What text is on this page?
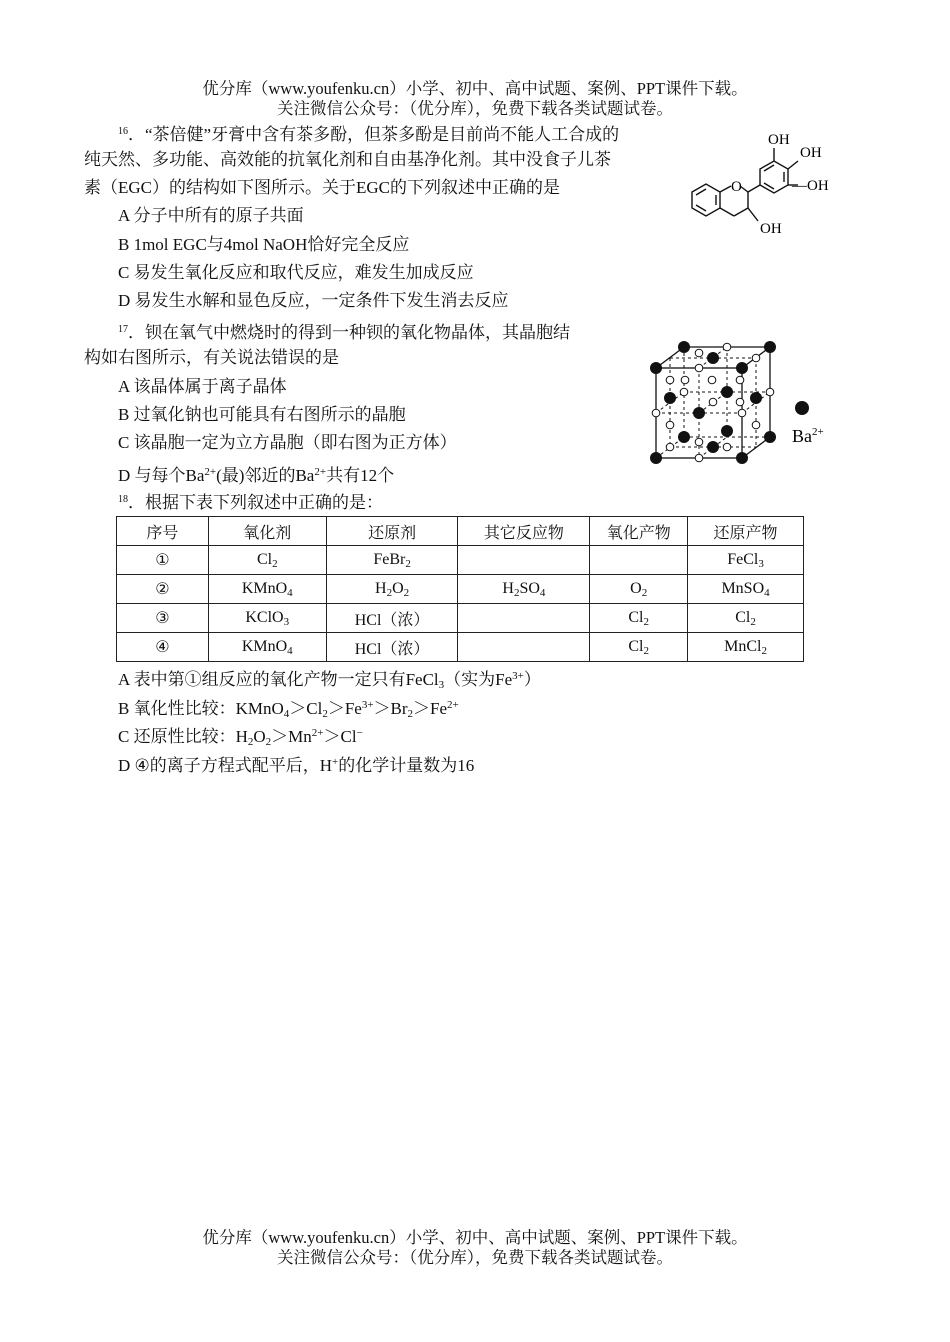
优分库（www.youfenku.cn）小学、初中、高中试题、案例、PPT课件下载。
关注微信公众号：（优分库），免费下载各类试题试卷。
$^{16}$．“茶倍健”牙膏中含有茶多酚，但茶多酚是目前尚不能人工合成的
纯天然、多功能、高效能的抗氧化剂和自由基净化剂。其中没食子儿茶
素（EGC）的结构如下图所示。关于EGC的下列叙述中正确的是
A 分子中所有的原子共面
B 1mol EGC与4mol NaOH恰好完全反应
C 易发生氧化反应和取代反应，难发生加成反应
D 易发生水解和显色反应，一定条件下发生消去反应
O
OH
OH
—OH
OH
$^{17}$．钡在氧气中燃烧时的得到一种钡的氧化物晶体，其晶胞结
构如右图所示，有关说法错误的是
A 该晶体属于离子晶体
B 过氧化钠也可能具有右图所示的晶胞
C 该晶胞一定为立方晶胞（即右图为正方体）
D 与每个$Ba^{2+}$(最)邻近的$Ba^{2+}$共有12个
$Ba^{2+}$
$^{18}$．根据下表下列叙述中正确的是：
序号	氧化剂	还原剂	其它反应物	氧化产物	还原产物
①	$Cl_2$	FeBr$_2$			FeCl$_3$
②	KMnO$_4$	$H_2O_2$	$H_2SO_4$	$O_2$	MnSO$_4$
③	KClO$_3$	HCl（浓）		$Cl_2$	$Cl_2$
④	KMnO$_4$	HCl（浓）		$Cl_2$	MnCl$_2$
A 表中第①组反应的氧化产物一定只有FeCl$_3$（实为$Fe^{3+}$）
B 氧化性比较：$KMnO_4>Cl_2>Fe^{3+}>Br_2>Fe^{2+}$
C 还原性比较：$H_2O_2>Mn^{2+}>Cl^-$
D ④的离子方程式配平后，H+的化学计量数为16
优分库（www.youfenku.cn）小学、初中、高中试题、案例、PPT课件下载。
关注微信公众号：（优分库），免费下载各类试题试卷。
